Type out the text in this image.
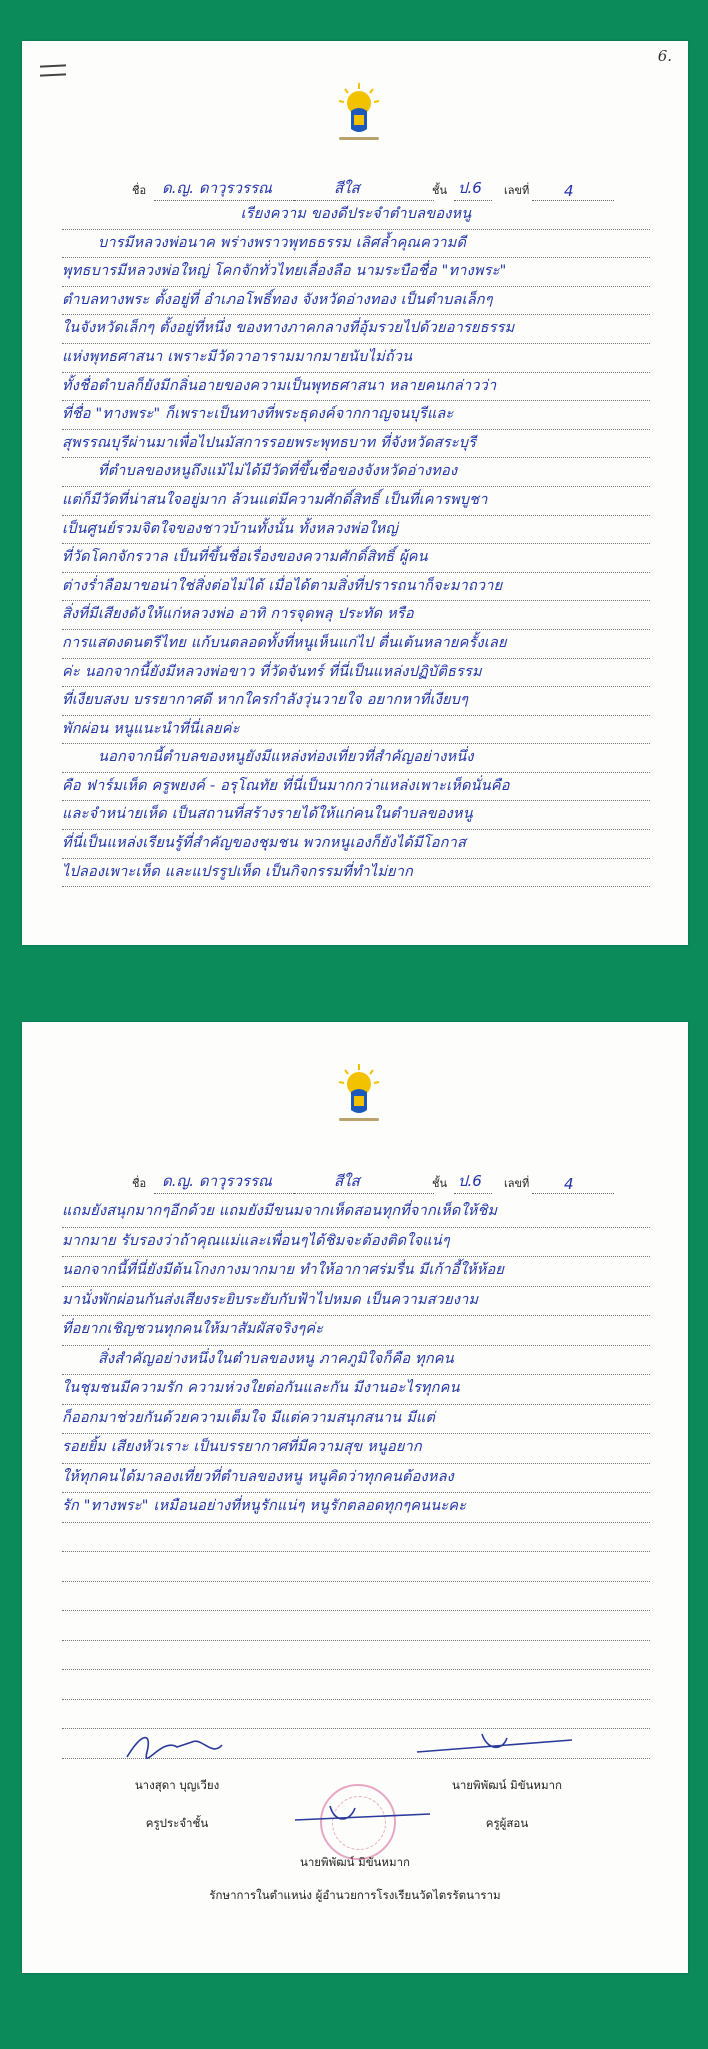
6.
ชื่อ ด.ญ. ดาวุรวรรณ	สีใส	ชั้น ป.6 เลขที่ 4
เรียงความ ของดีประจำตำบลของหนู
บารมีหลวงพ่อนาค พร่างพราวพุทธธรรม เลิศล้ำคุณความดี
พุทธบารมีหลวงพ่อใหญ่ โคกจักทั่วไทยเลื่องลือ นามระบือชื่อ "ทางพระ"
ตำบลทางพระ ตั้งอยู่ที่ อำเภอโพธิ์ทอง จังหวัดอ่างทอง เป็นตำบลเล็กๆ
ในจังหวัดเล็กๆ ตั้งอยู่ที่หนึ่ง ของทางภาคกลางที่อุ้มรวยไปด้วยอารยธรรม
แห่งพุทธศาสนา เพราะมีวัดวาอารามมากมายนับไม่ถ้วน
ทั้งชื่อตำบลก็ยังมีกลิ่นอายของความเป็นพุทธศาสนา หลายคนกล่าวว่า
ที่ชื่อ "ทางพระ" ก็เพราะเป็นทางที่พระธุดงค์จากกาญจนบุรีและ
สุพรรณบุรีผ่านมาเพื่อไปนมัสการรอยพระพุทธบาท ที่จังหวัดสระบุรี
ที่ตำบลของหนูถึงแม้ไม่ได้มีวัดที่ขึ้นชื่อของจังหวัดอ่างทอง
แต่ก็มีวัดที่น่าสนใจอยู่มาก ล้วนแต่มีความศักดิ์สิทธิ์ เป็นที่เคารพบูชา
เป็นศูนย์รวมจิตใจของชาวบ้านทั้งนั้น ทั้งหลวงพ่อใหญ่
ที่วัดโคกจักรวาล เป็นที่ขึ้นชื่อเรื่องของความศักดิ์สิทธิ์ ผู้คน
ต่างร่ำลือมาขอน่าใช่สิ่งต่อไม่ได้ เมื่อได้ตามสิ่งที่ปรารถนาก็จะมาถวาย
สิ่งที่มีเสียงดังให้แก่หลวงพ่อ อาทิ การจุดพลุ ประทัด หรือ
การแสดงดนตรีไทย แก้บนตลอดทั้งที่หนูเห็นแก่ไป ตื่นเต้นหลายครั้งเลย
ค่ะ นอกจากนี้ยังมีหลวงพ่อขาว ที่วัดจันทร์ ที่นี่เป็นแหล่งปฏิบัติธรรม
ที่เงียบสงบ บรรยากาศดี หากใครกำลังวุ่นวายใจ อยากหาที่เงียบๆ
พักผ่อน หนูแนะนำที่นี่เลยค่ะ
นอกจากนี้ตำบลของหนูยังมีแหล่งท่องเที่ยวที่สำคัญอย่างหนึ่ง
คือ ฟาร์มเห็ด ครูพยงค์ - อรุโณทัย ที่นี่เป็นมากกว่าแหล่งเพาะเห็ดนั่นคือ
และจำหน่ายเห็ด เป็นสถานที่สร้างรายได้ให้แก่คนในตำบลของหนู
ที่นี่เป็นแหล่งเรียนรู้ที่สำคัญของชุมชน พวกหนูเองก็ยังได้มีโอกาส
ไปลองเพาะเห็ด และแปรรูปเห็ด เป็นกิจกรรมที่ทำไม่ยาก
ชื่อ ด.ญ. ดาวุรวรรณ	สีใส	ชั้น ป.6 เลขที่ 4
แถมยังสนุกมากๆอีกด้วย แถมยังมีขนมจากเห็ดสอนทุกที่จากเห็ดให้ชิม
มากมาย รับรองว่าถ้าคุณแม่และเพื่อนๆได้ชิมจะต้องติดใจแน่ๆ
นอกจากนี้ที่นี่ยังมีต้นโกงกางมากมาย ทำให้อากาศร่มรื่น มีเก้าอี้ให้ห้อย
มานั่งพักผ่อนกันส่งเสียงระยิบระยับกับฟ้าไปหมด เป็นความสวยงาม
ที่อยากเชิญชวนทุกคนให้มาสัมผัสจริงๆค่ะ
สิ่งสำคัญอย่างหนึ่งในตำบลของหนู ภาคภูมิใจก็คือ ทุกคน
ในชุมชนมีความรัก ความห่วงใยต่อกันและกัน มีงานอะไรทุกคน
ก็ออกมาช่วยกันด้วยความเต็มใจ มีแต่ความสนุกสนาน มีแต่
รอยยิ้ม เสียงหัวเราะ เป็นบรรยากาศที่มีความสุข หนูอยาก
ให้ทุกคนได้มาลองเที่ยวที่ตำบลของหนู หนูคิดว่าทุกคนต้องหลง
รัก "ทางพระ" เหมือนอย่างที่หนูรักแน่ๆ หนูรักตลอดทุกๆคนนะคะ
นางสุดา บุญเวียง
ครูประจำชั้น
นายพิพัฒน์ มิขันหมาก
ครูผู้สอน
นายพิพัฒน์ มิขันหมาก
รักษาการในตำแหน่ง ผู้อำนวยการโรงเรียนวัดไตรรัตนาราม
